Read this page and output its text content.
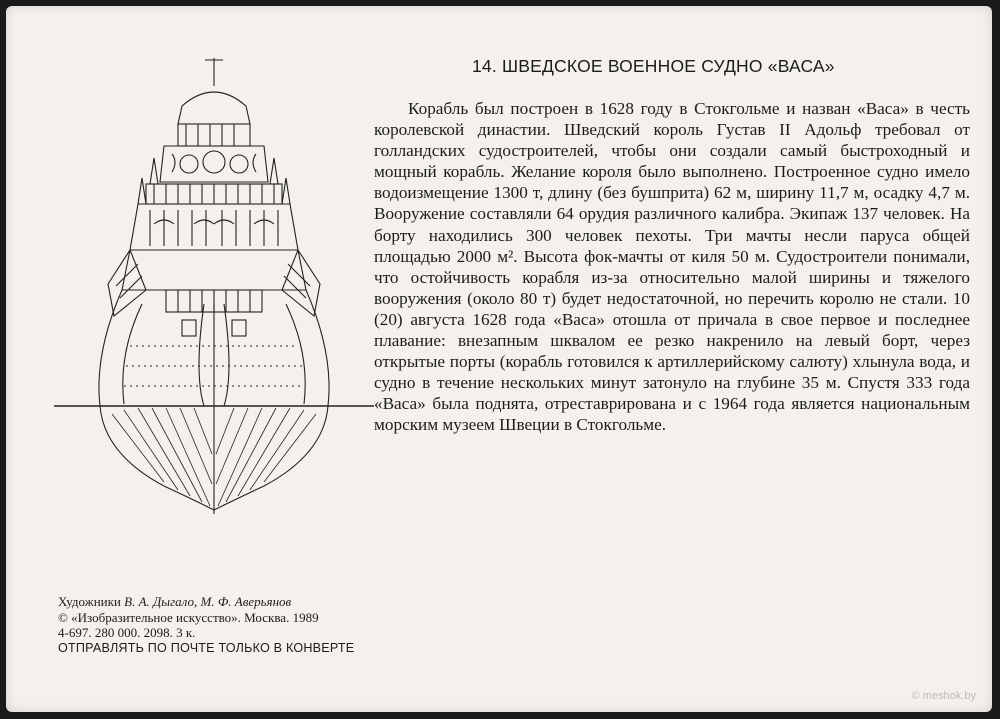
14. ШВЕДСКОЕ ВОЕННОЕ СУДНО «ВАСА»

Корабль был построен в 1628 году в Стокгольме и назван «Васа» в честь королевской династии. Шведский король Густав II Адольф требовал от голландских судостроителей, чтобы они создали самый быстроходный и мощный корабль. Желание короля было выполнено. Построенное судно имело водоизмещение 1300 т, длину (без бушприта) 62 м, ширину 11,7 м, осадку 4,7 м. Вооружение составляли 64 орудия различного калибра. Экипаж 137 человек. На борту находились 300 человек пехоты. Три мачты несли паруса общей площадью 2000 м². Высота фок-мачты от киля 50 м. Судостроители понимали, что остойчивость корабля из-за относительно малой ширины и тяжелого вооружения (около 80 т) будет недостаточной, но перечить королю не стали. 10 (20) августа 1628 года «Васа» отошла от причала в свое первое и последнее плавание: внезапным шквалом ее резко накренило на левый борт, через открытые порты (корабль готовился к артиллерийскому салюту) хлынула вода, и судно в течение нескольких минут затонуло на глубине 35 м. Спустя 333 года «Васа» была поднята, отреставрирована и с 1964 года является национальным морским музеем Швеции в Стокгольме.

Художники В. А. Дыгало, М. Ф. Аверьянов
© «Изобразительное искусство». Москва. 1989
4-697. 280 000. 2098. 3 к.
ОТПРАВЛЯТЬ ПО ПОЧТЕ ТОЛЬКО В КОНВЕРТЕ
© meshok.by
